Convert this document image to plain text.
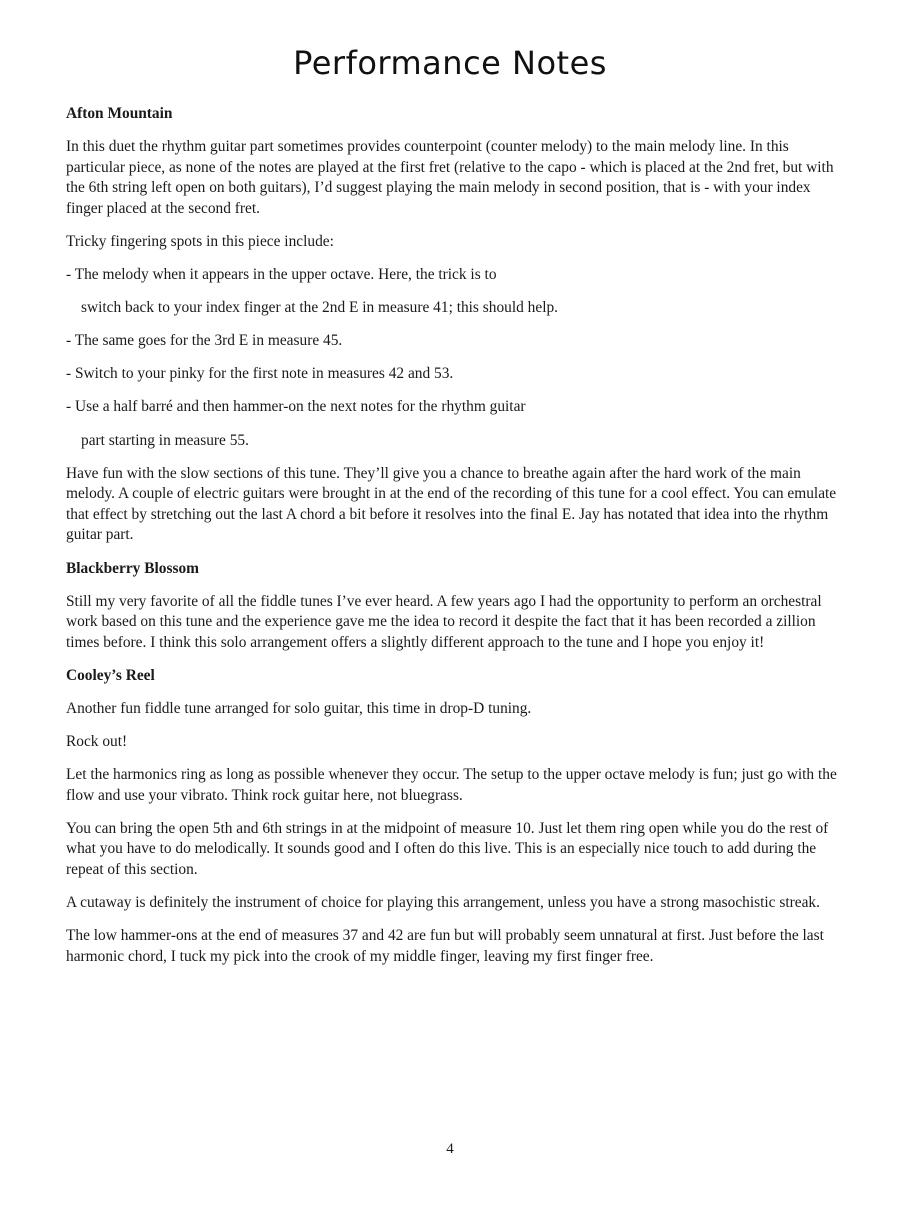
Performance Notes
Afton Mountain

In this duet the rhythm guitar part sometimes provides counterpoint (counter melody) to the main melody line. In this particular piece, as none of the notes are played at the first fret (relative to the capo - which is placed at the 2nd fret, but with the 6th string left open on both guitars), I’d suggest playing the main melody in second position, that is - with your index finger placed at the second fret.

Tricky fingering spots in this piece include:

- The melody when it appears in the upper octave. Here, the trick is to

switch back to your index finger at the 2nd E in measure 41; this should help.

- The same goes for the 3rd E in measure 45.

- Switch to your pinky for the first note in measures 42 and 53.

- Use a half barré and then hammer-on the next notes for the rhythm guitar

part starting in measure 55.

Have fun with the slow sections of this tune. They’ll give you a chance to breathe again after the hard work of the main melody. A couple of electric guitars were brought in at the end of the recording of this tune for a cool effect. You can emulate that effect by stretching out the last A chord a bit before it resolves into the final E. Jay has notated that idea into the rhythm guitar part.

Blackberry Blossom

Still my very favorite of all the fiddle tunes I’ve ever heard. A few years ago I had the opportunity to perform an orchestral work based on this tune and the experience gave me the idea to record it despite the fact that it has been recorded a zillion times before. I think this solo arrangement offers a slightly different approach to the tune and I hope you enjoy it!

Cooley’s Reel

Another fun fiddle tune arranged for solo guitar, this time in drop-D tuning.

Rock out!

Let the harmonics ring as long as possible whenever they occur. The setup to the upper octave melody is fun; just go with the flow and use your vibrato. Think rock guitar here, not bluegrass.

You can bring the open 5th and 6th strings in at the midpoint of measure 10. Just let them ring open while you do the rest of what you have to do melodically. It sounds good and I often do this live. This is an especially nice touch to add during the repeat of this section.

A cutaway is definitely the instrument of choice for playing this arrangement, unless you have a strong masochistic streak.

The low hammer-ons at the end of measures 37 and 42 are fun but will probably seem unnatural at first. Just before the last harmonic chord, I tuck my pick into the crook of my middle finger, leaving my first finger free.

4
